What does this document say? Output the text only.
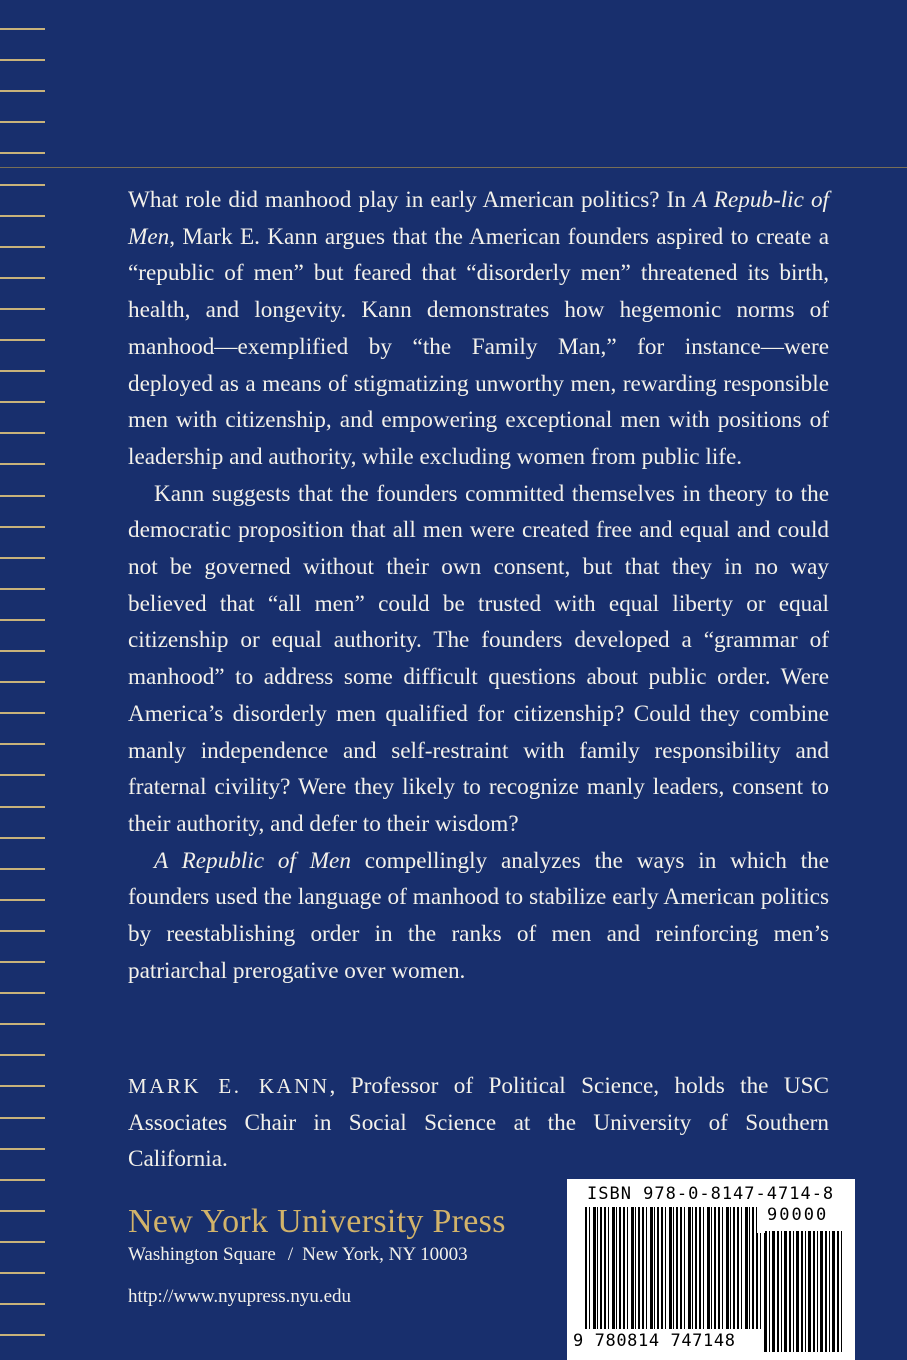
What role did manhood play in early American politics? In A Repub-lic of Men, Mark E. Kann argues that the American founders aspired to create a “republic of men” but feared that “disorderly men” threatened its birth, health, and longevity. Kann demonstrates how hegemonic norms of manhood—exemplified by “the Family Man,” for instance—were deployed as a means of stigmatizing unworthy men, rewarding responsible men with citizenship, and empowering exceptional men with positions of leadership and authority, while excluding women from public life.

Kann suggests that the founders committed themselves in theory to the democratic proposition that all men were created free and equal and could not be governed without their own consent, but that they in no way believed that “all men” could be trusted with equal liberty or equal citizenship or equal authority. The founders developed a “grammar of manhood” to address some difficult questions about public order. Were America’s disorderly men qualified for citizenship? Could they combine manly independence and self-restraint with family responsibility and fraternal civility? Were they likely to recognize manly leaders, consent to their authority, and defer to their wisdom?

A Republic of Men compellingly analyzes the ways in which the founders used the language of manhood to stabilize early American politics by reestablishing order in the ranks of men and reinforcing men’s patriarchal prerogative over women.

MARK E. KANN, Professor of Political Science, holds the USC Associates Chair in Social Science at the University of Southern California.
New York University Press
Washington Square / New York, NY 10003
http://www.nyupress.nyu.edu
ISBN 978-0-8147-4714-8
90000
9 780814 747148
